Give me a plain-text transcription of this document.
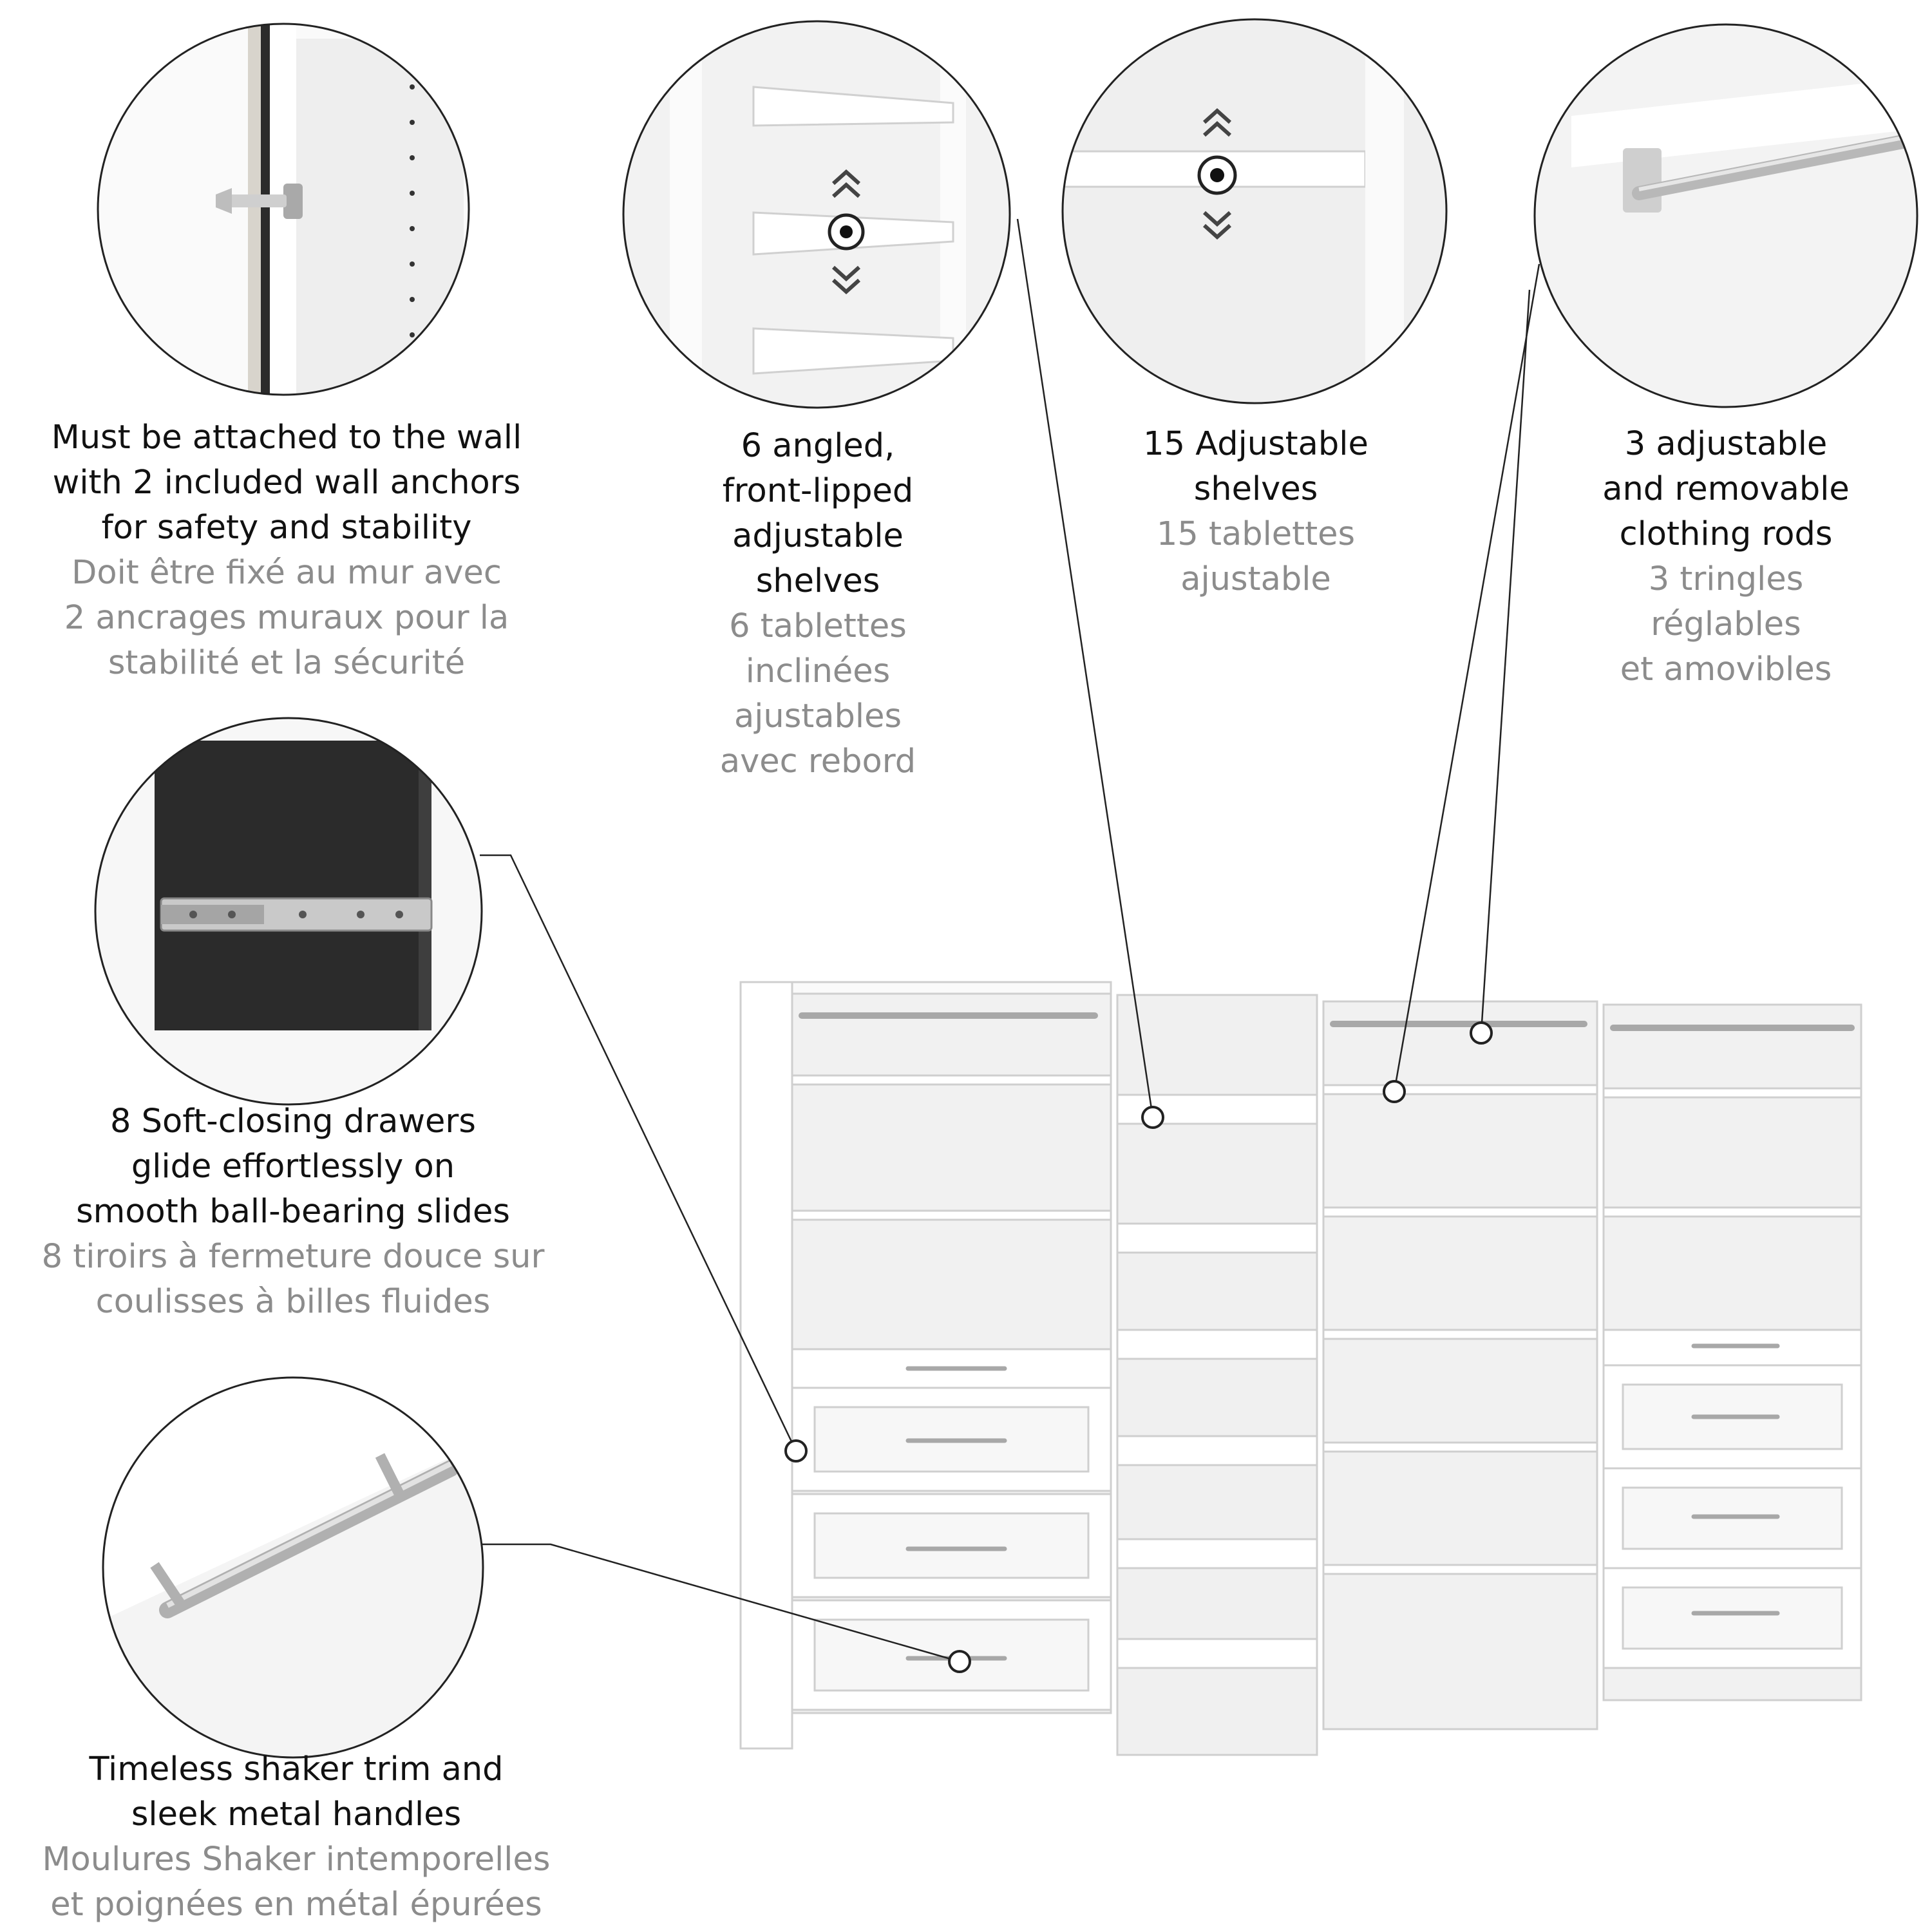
Must be attached to the wall
with 2 included wall anchors
for safety and stability
Doit être fixé au mur avec
2 ancrages muraux pour la
stabilité et la sécurité
6 angled,
front-lipped
adjustable
shelves
6 tablettes
inclinées
ajustables
avec rebord
15 Adjustable
shelves
15 tablettes
ajustable
3 adjustable
and removable
clothing rods
3 tringles
réglables
et amovibles
8 Soft-closing drawers
glide effortlessly on
smooth ball-bearing slides
8 tiroirs à fermeture douce sur
coulisses à billes fluides
Timeless shaker trim and
sleek metal handles
Moulures Shaker intemporelles
et poignées en métal épurées
